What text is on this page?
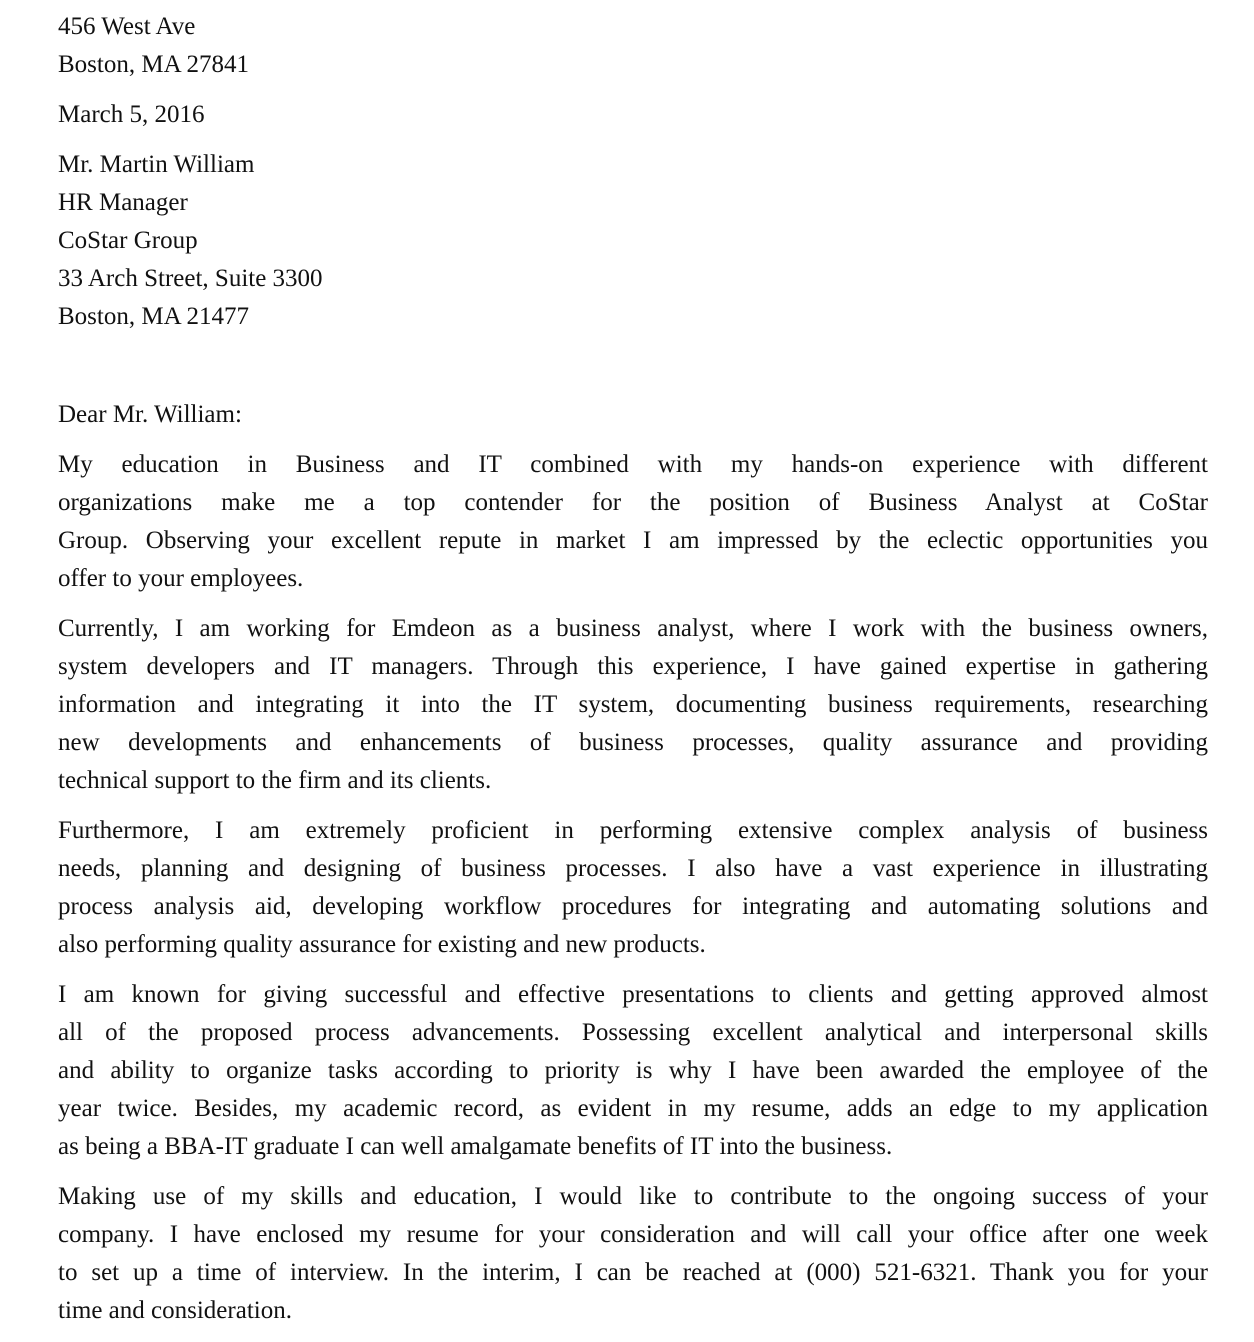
456 West Ave
Boston, MA 27841
March 5, 2016
Mr. Martin William
HR Manager
CoStar Group
33 Arch Street, Suite 3300
Boston, MA 21477
Dear Mr. William:
My education in Business and IT combined with my hands-on experience with different
organizations make me a top contender for the position of Business Analyst at CoStar
Group. Observing your excellent repute in market I am impressed by the eclectic opportunities you
offer to your employees.
Currently, I am working for Emdeon as a business analyst, where I work with the business owners,
system developers and IT managers. Through this experience, I have gained expertise in gathering
information and integrating it into the IT system, documenting business requirements, researching
new developments and enhancements of business processes, quality assurance and providing
technical support to the firm and its clients.
Furthermore, I am extremely proficient in performing extensive complex analysis of business
needs, planning and designing of business processes. I also have a vast experience in illustrating
process analysis aid, developing workflow procedures for integrating and automating solutions and
also performing quality assurance for existing and new products.
I am known for giving successful and effective presentations to clients and getting approved almost
all of the proposed process advancements. Possessing excellent analytical and interpersonal skills
and ability to organize tasks according to priority is why I have been awarded the employee of the
year twice. Besides, my academic record, as evident in my resume, adds an edge to my application
as being a BBA-IT graduate I can well amalgamate benefits of IT into the business.
Making use of my skills and education, I would like to contribute to the ongoing success of your
company. I have enclosed my resume for your consideration and will call your office after one week
to set up a time of interview. In the interim, I can be reached at (000) 521-6321. Thank you for your
time and consideration.
